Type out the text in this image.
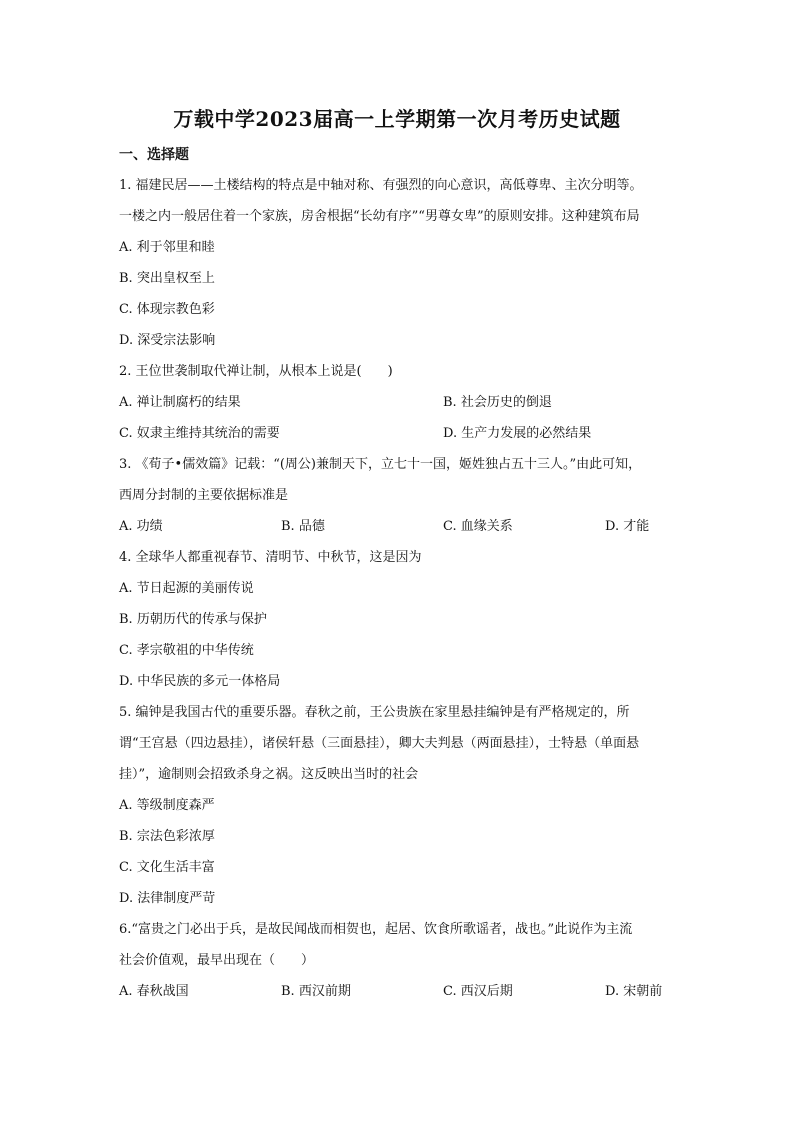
万载中学2023届高一上学期第一次月考历史试题
一、选择题
1. 福建民居——土楼结构的特点是中轴对称、有强烈的向心意识，高低尊卑、主次分明等。
一楼之内一般居住着一个家族，房舍根据“长幼有序”“男尊女卑”的原则安排。这种建筑布局
A. 利于邻里和睦
B. 突出皇权至上
C. 体现宗教色彩
D. 深受宗法影响
2. 王位世袭制取代禅让制，从根本上说是(　　)
A. 禅让制腐朽的结果	B. 社会历史的倒退
C. 奴隶主维持其统治的需要	D. 生产力发展的必然结果
3. 《荀子•儒效篇》记载：“(周公)兼制天下，立七十一国，姬姓独占五十三人。”由此可知，
西周分封制的主要依据标准是
A. 功绩	B. 品德	C. 血缘关系	D. 才能
4. 全球华人都重视春节、清明节、中秋节，这是因为
A. 节日起源的美丽传说
B. 历朝历代的传承与保护
C. 孝宗敬祖的中华传统
D. 中华民族的多元一体格局
5. 编钟是我国古代的重要乐器。春秋之前，王公贵族在家里悬挂编钟是有严格规定的，所
谓“王宫悬（四边悬挂），诸侯轩悬（三面悬挂），卿大夫判悬（两面悬挂），士特悬（单面悬
挂）”，逾制则会招致杀身之祸。这反映出当时的社会
A. 等级制度森严
B. 宗法色彩浓厚
C. 文化生活丰富
D. 法律制度严苛
6.“富贵之门必出于兵，是故民闻战而相贺也，起居、饮食所歌谣者，战也。”此说作为主流
社会价值观，最早出现在（　　）
A. 春秋战国	B. 西汉前期	C. 西汉后期	D. 宋朝前
